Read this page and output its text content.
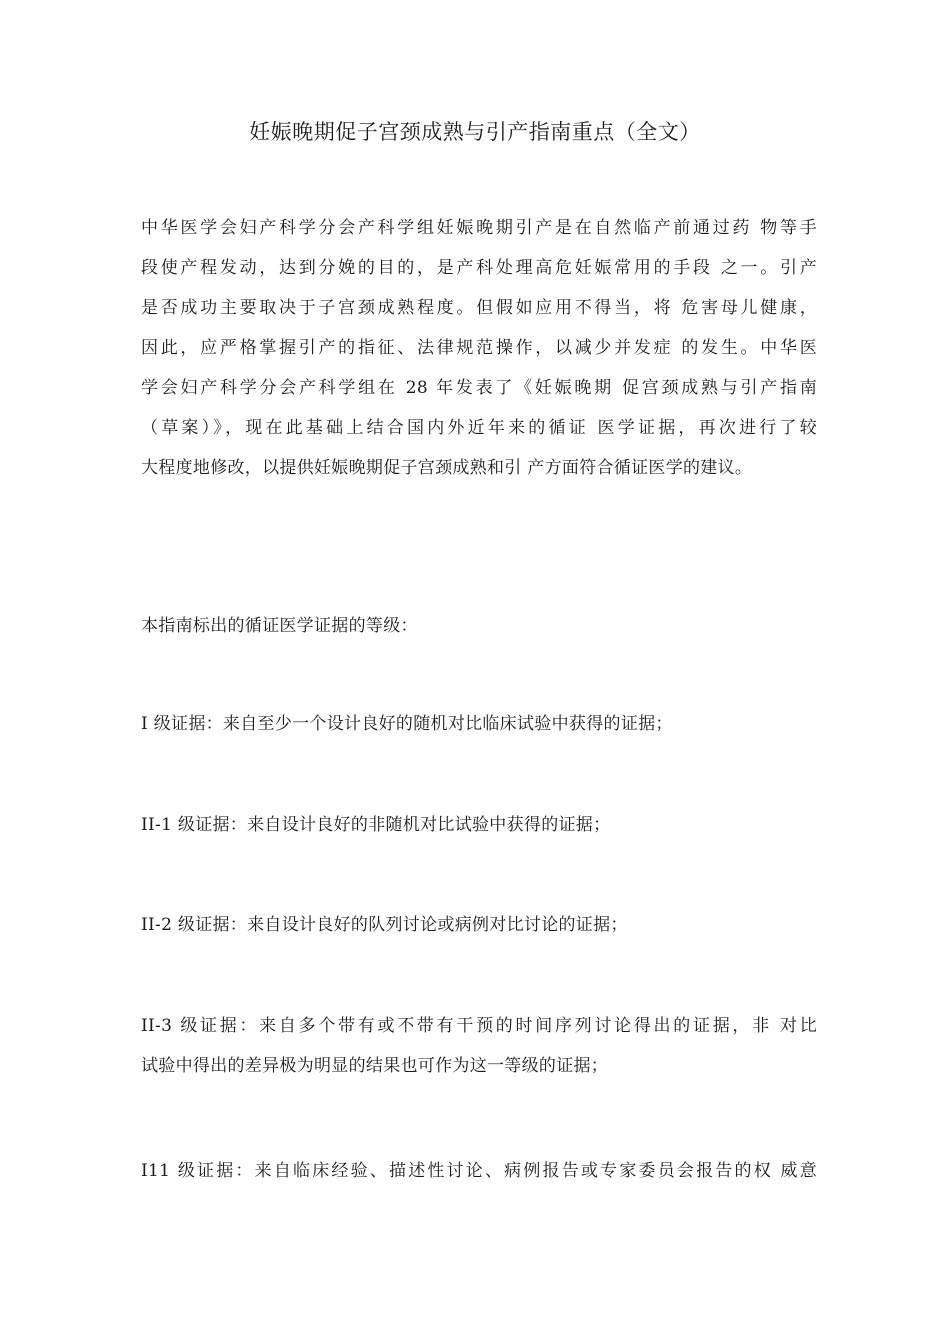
妊娠晚期促子宫颈成熟与引产指南重点（全文）
中华医学会妇产科学分会产科学组妊娠晚期引产是在自然临产前通过药 物等手
段使产程发动，达到分娩的目的，是产科处理高危妊娠常用的手段 之一。引产
是否成功主要取决于子宫颈成熟程度。但假如应用不得当，将 危害母儿健康，
因此，应严格掌握引产的指征、法律规范操作，以减少并发症 的发生。中华医
学会妇产科学分会产科学组在 28 年发表了《妊娠晚期 促宫颈成熟与引产指南
（草案）》，现在此基础上结合国内外近年来的循证 医学证据，再次进行了较
大程度地修改，以提供妊娠晚期促子宫颈成熟和引 产方面符合循证医学的建议。
本指南标出的循证医学证据的等级：
I 级证据：来自至少一个设计良好的随机对比临床试验中获得的证据；
II-1 级证据：来自设计良好的非随机对比试验中获得的证据；
II-2 级证据：来自设计良好的队列讨论或病例对比讨论的证据；
II-3 级证据：来自多个带有或不带有干预的时间序列讨论得出的证据，非 对比
试验中得出的差异极为明显的结果也可作为这一等级的证据；
I11 级证据：来自临床经验、描述性讨论、病例报告或专家委员会报告的权 威意
